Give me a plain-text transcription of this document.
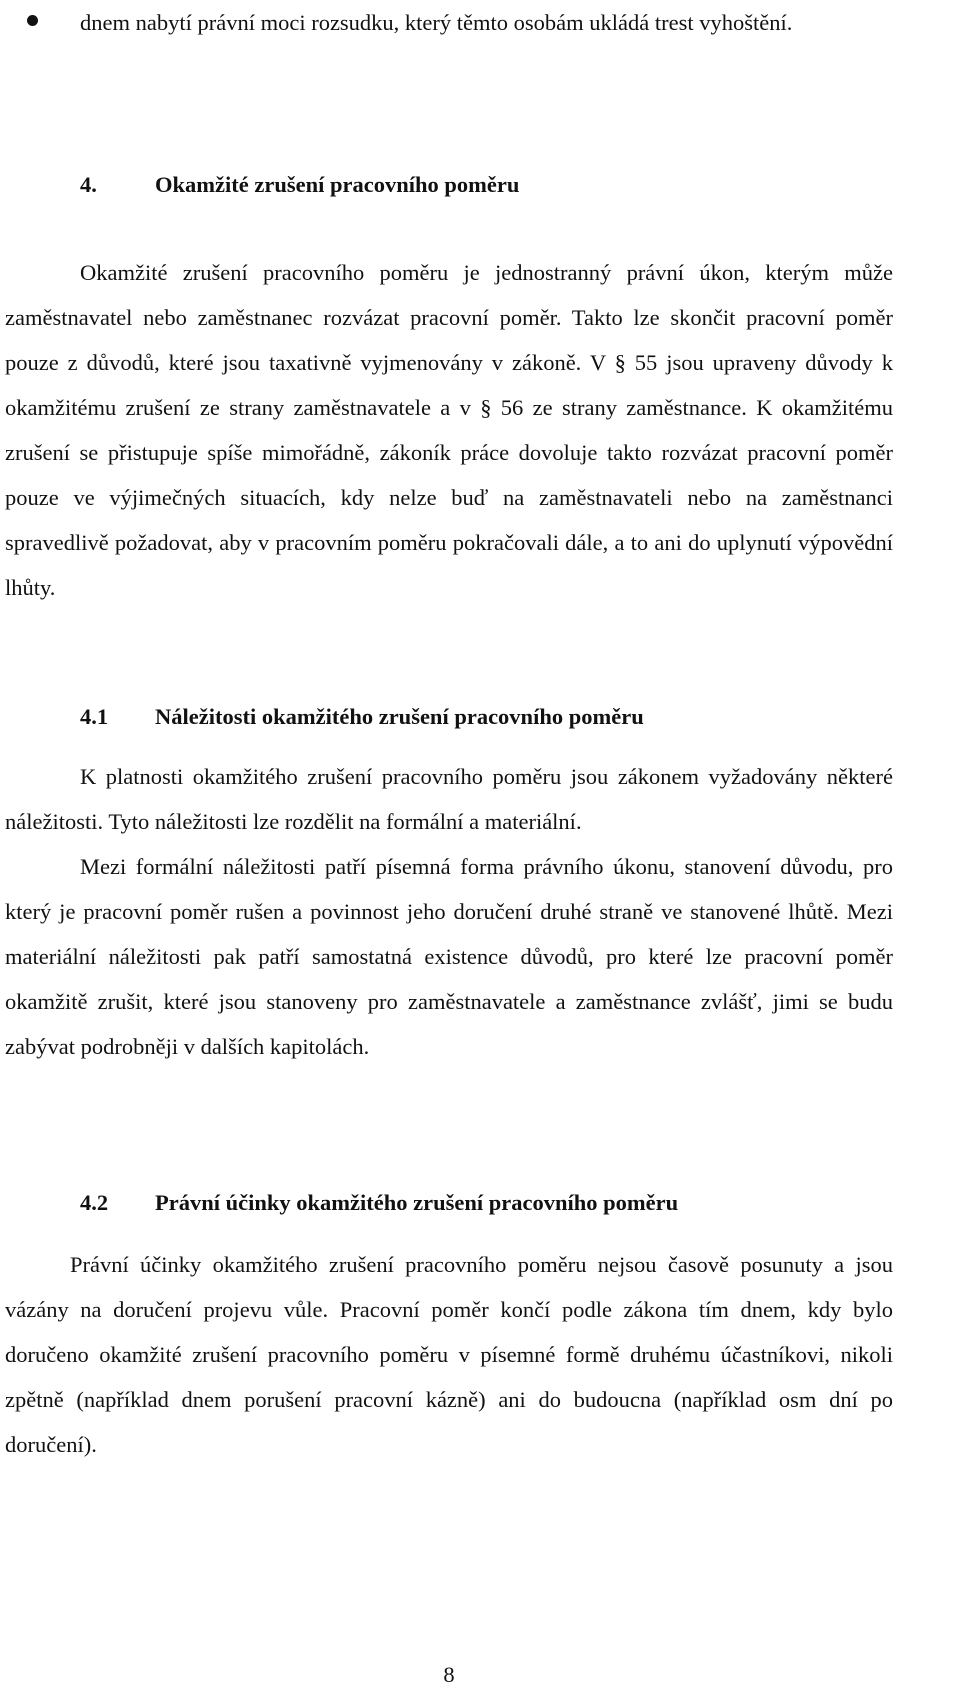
dnem nabytí právní moci rozsudku, který těmto osobám ukládá trest vyhoštění.
4.	Okamžité zrušení pracovního poměru

Okamžité zrušení pracovního poměru je jednostranný právní úkon, kterým může zaměstnavatel nebo zaměstnanec rozvázat pracovní poměr. Takto lze skončit pracovní poměr pouze z důvodů, které jsou taxativně vyjmenovány v zákoně. V § 55 jsou upraveny důvody k okamžitému zrušení ze strany zaměstnavatele a v § 56 ze strany zaměstnance. K okamžitému zrušení se přistupuje spíše mimořádně, zákoník práce dovoluje takto rozvázat pracovní poměr pouze ve výjimečných situacích, kdy nelze buď na zaměstnavateli nebo na zaměstnanci spravedlivě požadovat, aby v pracovním poměru pokračovali dále, a to ani do uplynutí výpovědní lhůty.

4.1 Náležitosti okamžitého zrušení pracovního poměru

K platnosti okamžitého zrušení pracovního poměru jsou zákonem vyžadovány některé náležitosti. Tyto náležitosti lze rozdělit na formální a materiální.

Mezi formální náležitosti patří písemná forma právního úkonu, stanovení důvodu, pro který je pracovní poměr rušen a povinnost jeho doručení druhé straně ve stanovené lhůtě. Mezi materiální náležitosti pak patří samostatná existence důvodů, pro které lze pracovní poměr okamžitě zrušit, které jsou stanoveny pro zaměstnavatele a zaměstnance zvlášť, jimi se budu zabývat podrobněji v dalších kapitolách.

4.2 Právní účinky okamžitého zrušení pracovního poměru

Právní účinky okamžitého zrušení pracovního poměru nejsou časově posunuty a jsou vázány na doručení projevu vůle. Pracovní poměr končí podle zákona tím dnem, kdy bylo doručeno okamžité zrušení pracovního poměru v písemné formě druhému účastníkovi, nikoli zpětně (například dnem porušení pracovní kázně) ani do budoucna (například osm dní po doručení).

8
